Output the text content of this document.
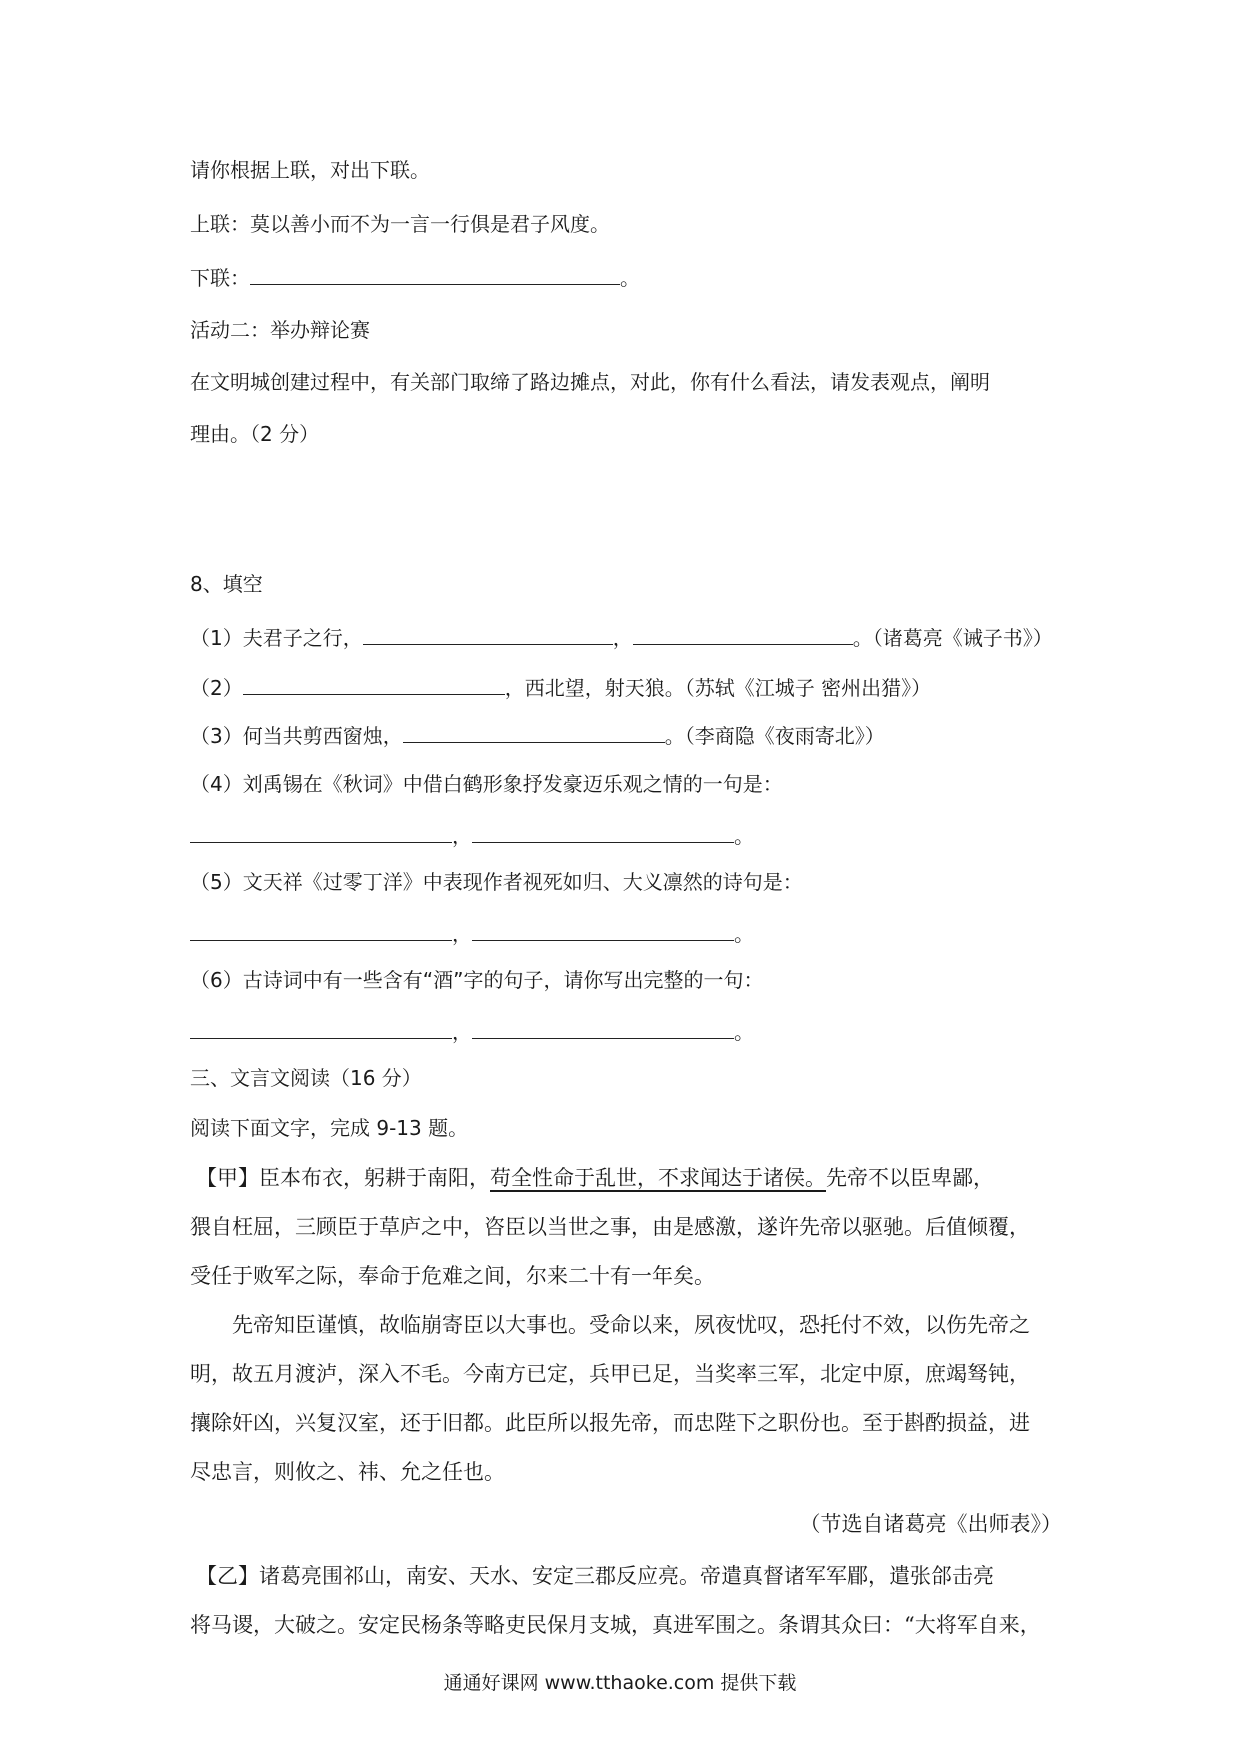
请你根据上联，对出下联。
上联：莫以善小而不为一言一行俱是君子风度。
下联：	。
活动二：举办辩论赛
在文明城创建过程中，有关部门取缔了路边摊点，对此，你有什么看法，请发表观点，阐明
理由。（2 分）
8、填空
（1）夫君子之行，	，	。（诸葛亮《诫子书》）
（2）	，西北望，射天狼。（苏轼《江城子 密州出猎》）
（3）何当共剪西窗烛，	。（李商隐《夜雨寄北》）
（4）刘禹锡在《秋词》中借白鹤形象抒发豪迈乐观之情的一句是：
，	。
（5）文天祥《过零丁洋》中表现作者视死如归、大义凛然的诗句是：
，	。
（6）古诗词中有一些含有“酒”字的句子，请你写出完整的一句：
，	。
三、文言文阅读（16 分）
阅读下面文字，完成 9-13 题。
【甲】臣本布衣，躬耕于南阳，苟全性命于乱世，不求闻达于诸侯。先帝不以臣卑鄙，
猥自枉屈，三顾臣于草庐之中，咨臣以当世之事，由是感激，遂许先帝以驱驰。后值倾覆，
受任于败军之际，奉命于危难之间，尔来二十有一年矣。
先帝知臣谨慎，故临崩寄臣以大事也。受命以来，夙夜忧叹，恐托付不效，以伤先帝之
明，故五月渡泸，深入不毛。今南方已定，兵甲已足，当奖率三军，北定中原，庶竭驽钝，
攘除奸凶，兴复汉室，还于旧都。此臣所以报先帝，而忠陛下之职份也。至于斟酌损益，进
尽忠言，则攸之、祎、允之任也。
（节选自诸葛亮《出师表》）
【乙】诸葛亮围祁山，南安、天水、安定三郡反应亮。帝遣真督诸军军郿，遣张郃击亮
将马谡，大破之。安定民杨条等略吏民保月支城，真进军围之。条谓其众曰：“大将军自来，
通通好课网 www.tthaoke.com 提供下载
